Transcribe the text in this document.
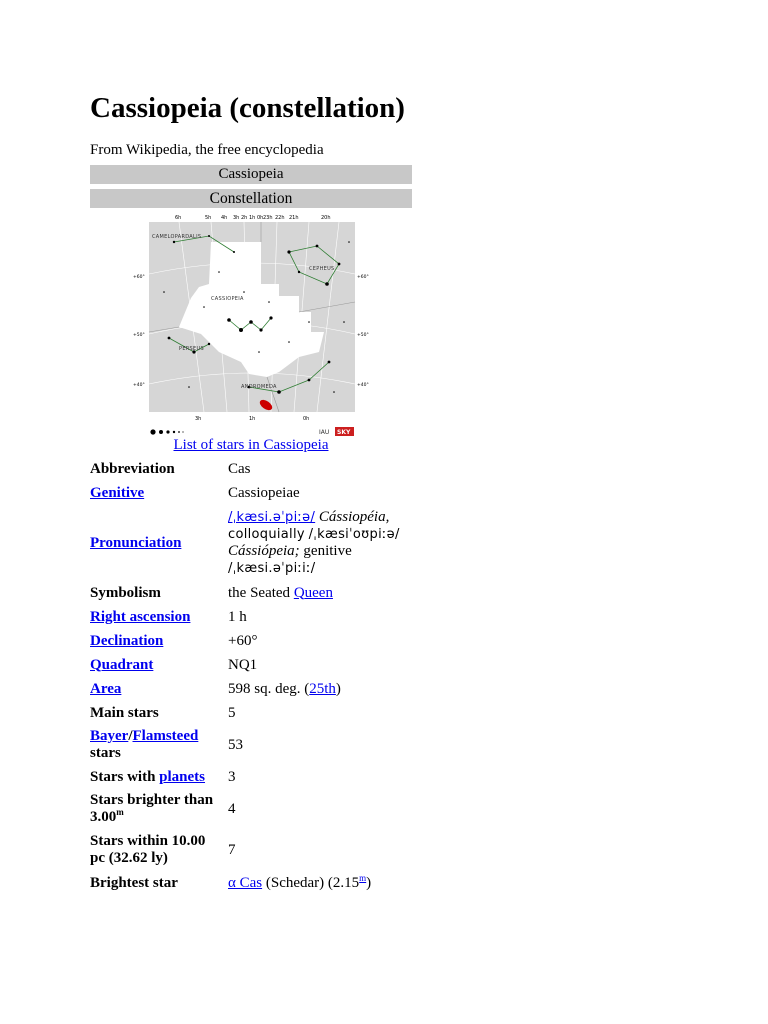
Cassiopeia (constellation)
From Wikipedia, the free encyclopedia
Cassiopeia
Constellation
6h	5h 4h 3h 2h 1h 0h 23h 22h 21h	20h
3h	1h	0h
+60°
+50°
+40°
+60°
+50°
+40°
CAMELOPARDALIS
CEPHEUS
CASSIOPEIA
PERSEUS
ANDROMEDA
IAU SKY
List of stars in Cassiopeia
Abbreviation	Cas
Genitive	Cassiopeiae
Pronunciation	/ˌkæsi.əˈpiːə/ Cássiopéia,
colloquially /ˌkæsiˈoʊpiːə/
Cássiópeia; genitive
/ˌkæsi.əˈpiːiː/
Symbolism	the Seated Queen
Right ascension	1 h
Declination	+60°
Quadrant	NQ1
Area	598 sq. deg. (25th)
Main stars	5
Bayer/Flamsteed
stars	53
Stars with planets	3
Stars brighter than 3.00$^m$	4
Stars within 10.00 pc (32.62 ly)	7
Brightest star	α Cas (Schedar) (2.15$^m$)
